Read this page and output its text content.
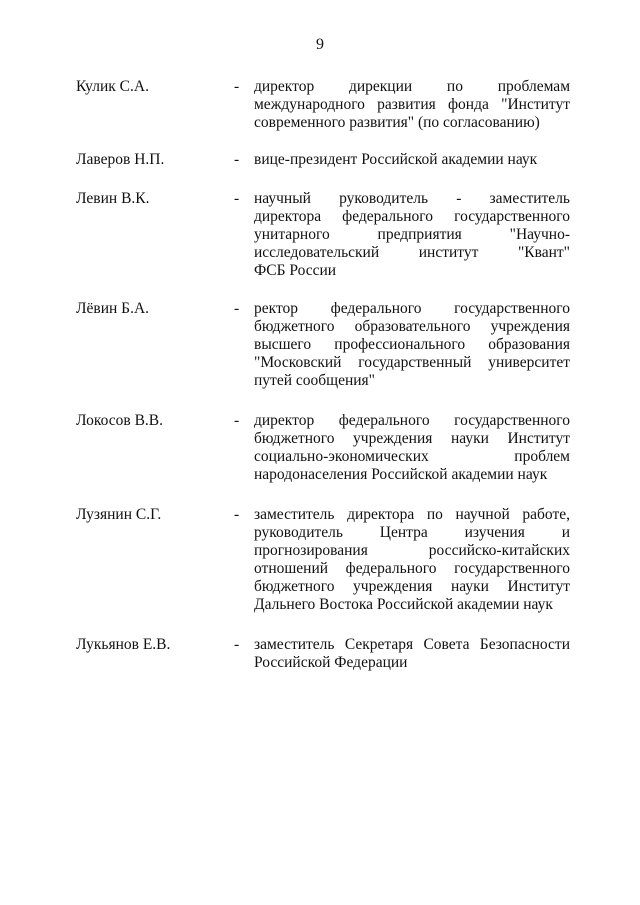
9
Кулик С.А.	- директор дирекции по проблемам
международного развития фонда "Институт
современного развития" (по согласованию)
Лаверов Н.П.	- вице-президент Российской академии наук
Левин В.К.	- научный руководитель - заместитель
директора федерального государственного
унитарного предприятия "Научно-
исследовательский институт "Квант"
ФСБ России
Лёвин Б.А.	- ректор федерального государственного
бюджетного образовательного учреждения
высшего профессионального образования
"Московский государственный университет
путей сообщения"
Локосов В.В.	- директор федерального государственного
бюджетного учреждения науки Институт
социально-экономических проблем
народонаселения Российской академии наук
Лузянин С.Г.	- заместитель директора по научной работе,
руководитель Центра изучения и
прогнозирования российско-китайских
отношений федерального государственного
бюджетного учреждения науки Институт
Дальнего Востока Российской академии наук
Лукьянов Е.В.	- заместитель Секретаря Совета Безопасности
Российской Федерации
